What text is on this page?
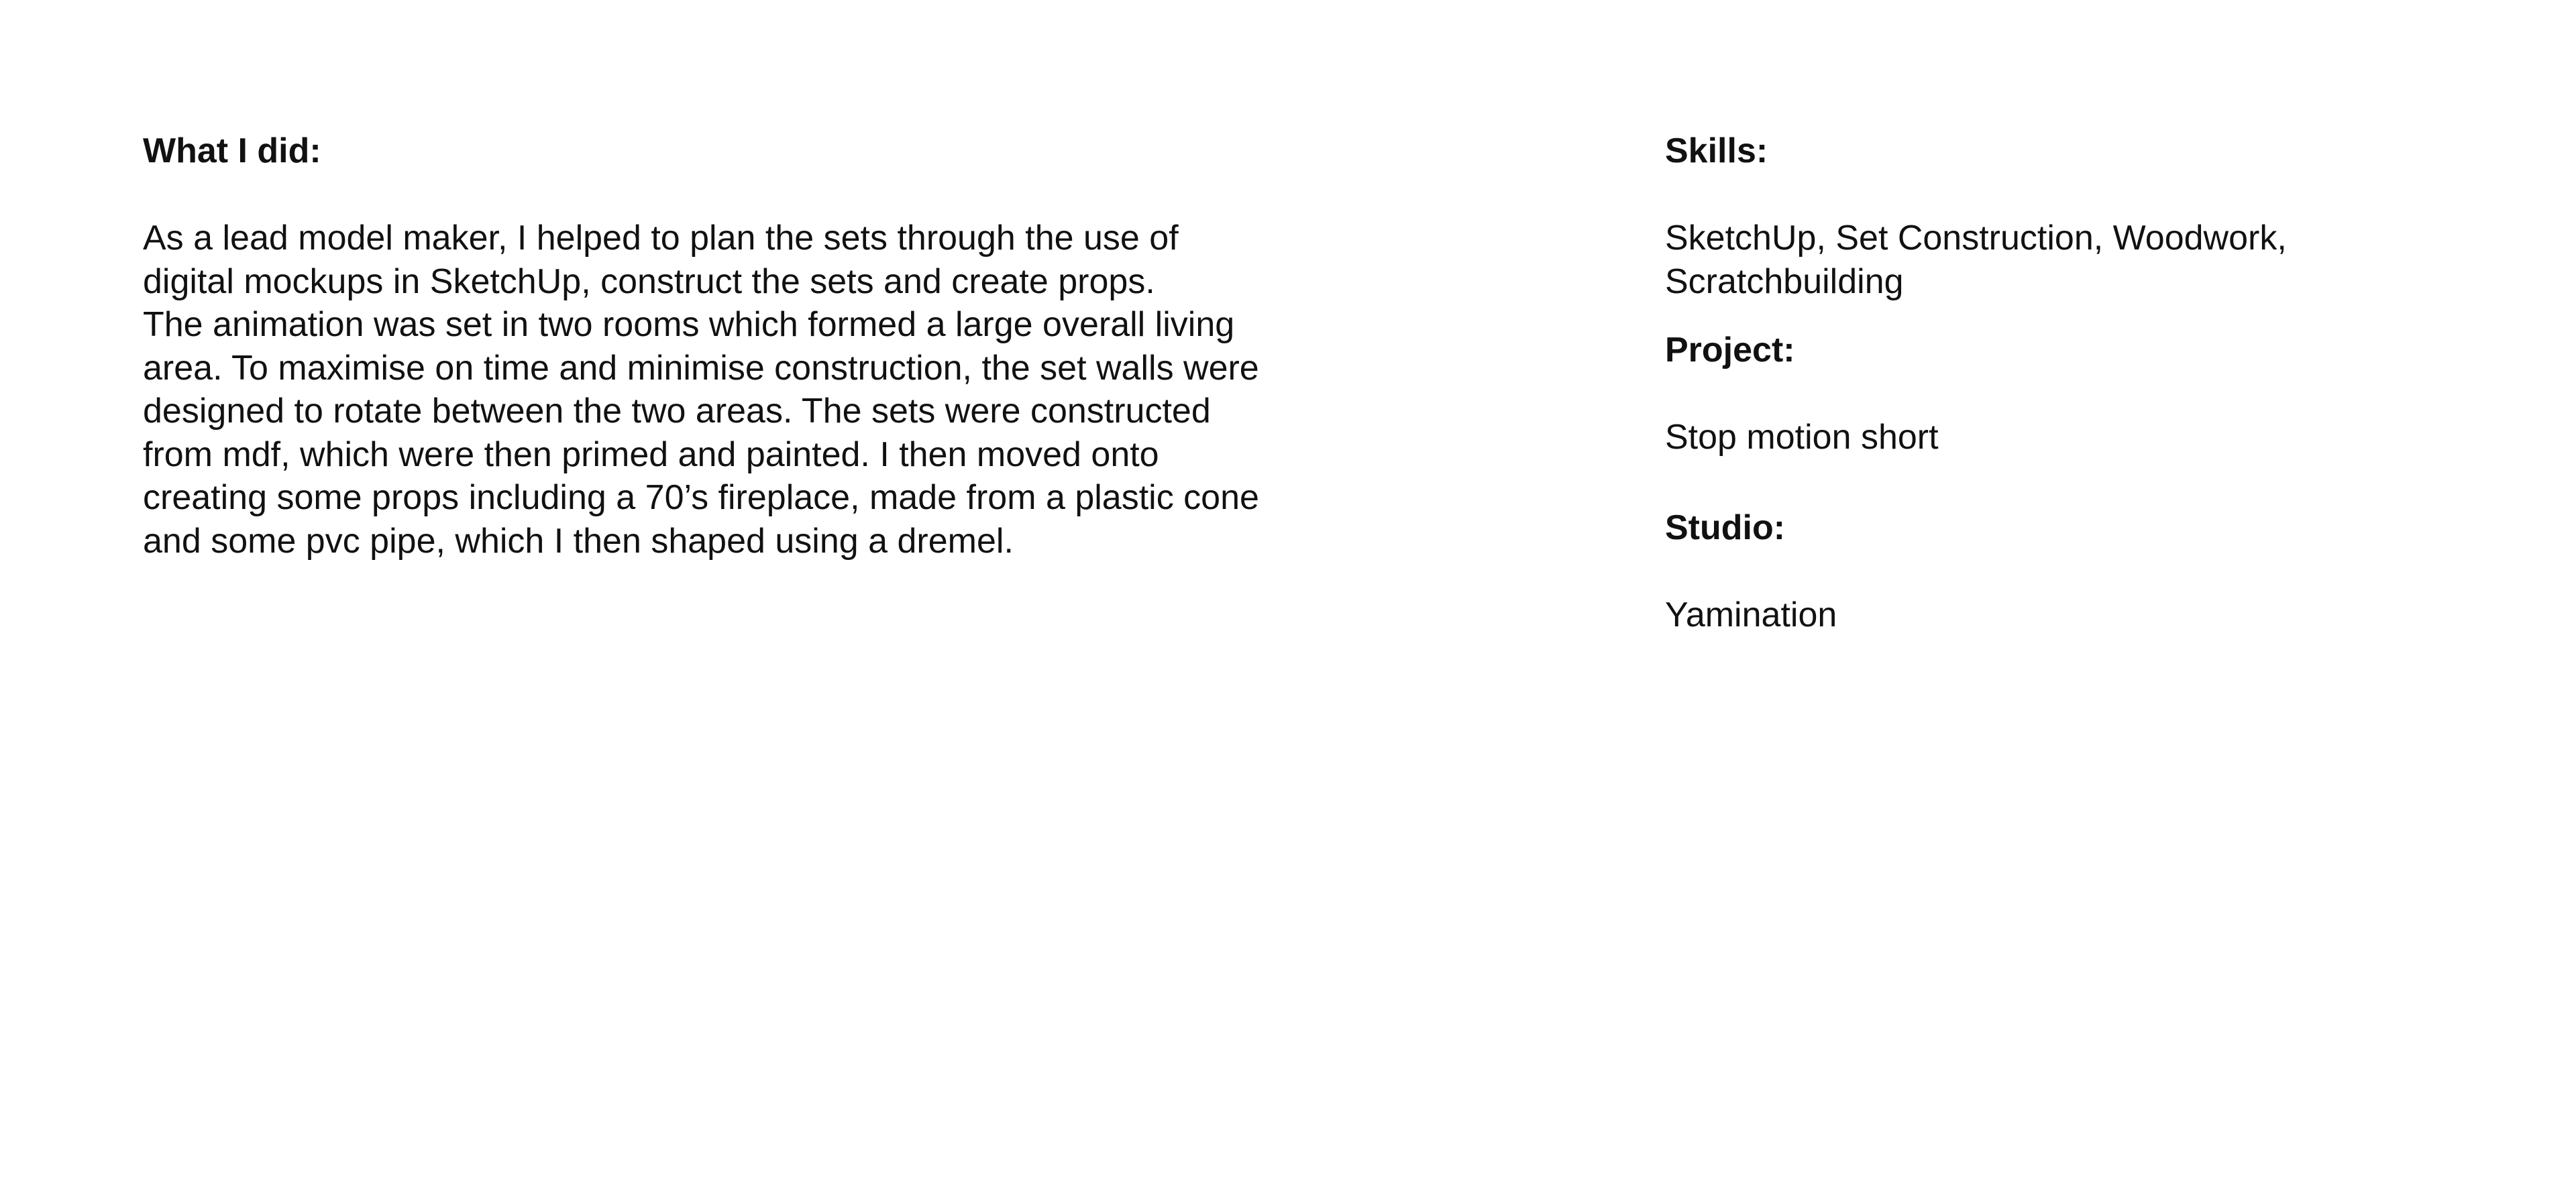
What I did:

As a lead model maker, I helped to plan the sets through the use of
digital mockups in SketchUp, construct the sets and create props.
The animation was set in two rooms which formed a large overall living
area. To maximise on time and minimise construction, the set walls were
designed to rotate between the two areas. The sets were constructed
from mdf, which were then primed and painted. I then moved onto
creating some props including a 70’s fireplace, made from a plastic cone
and some pvc pipe, which I then shaped using a dremel.

Skills:

SketchUp, Set Construction, Woodwork,
Scratchbuilding

Project:

Stop motion short

Studio:

Yamination
